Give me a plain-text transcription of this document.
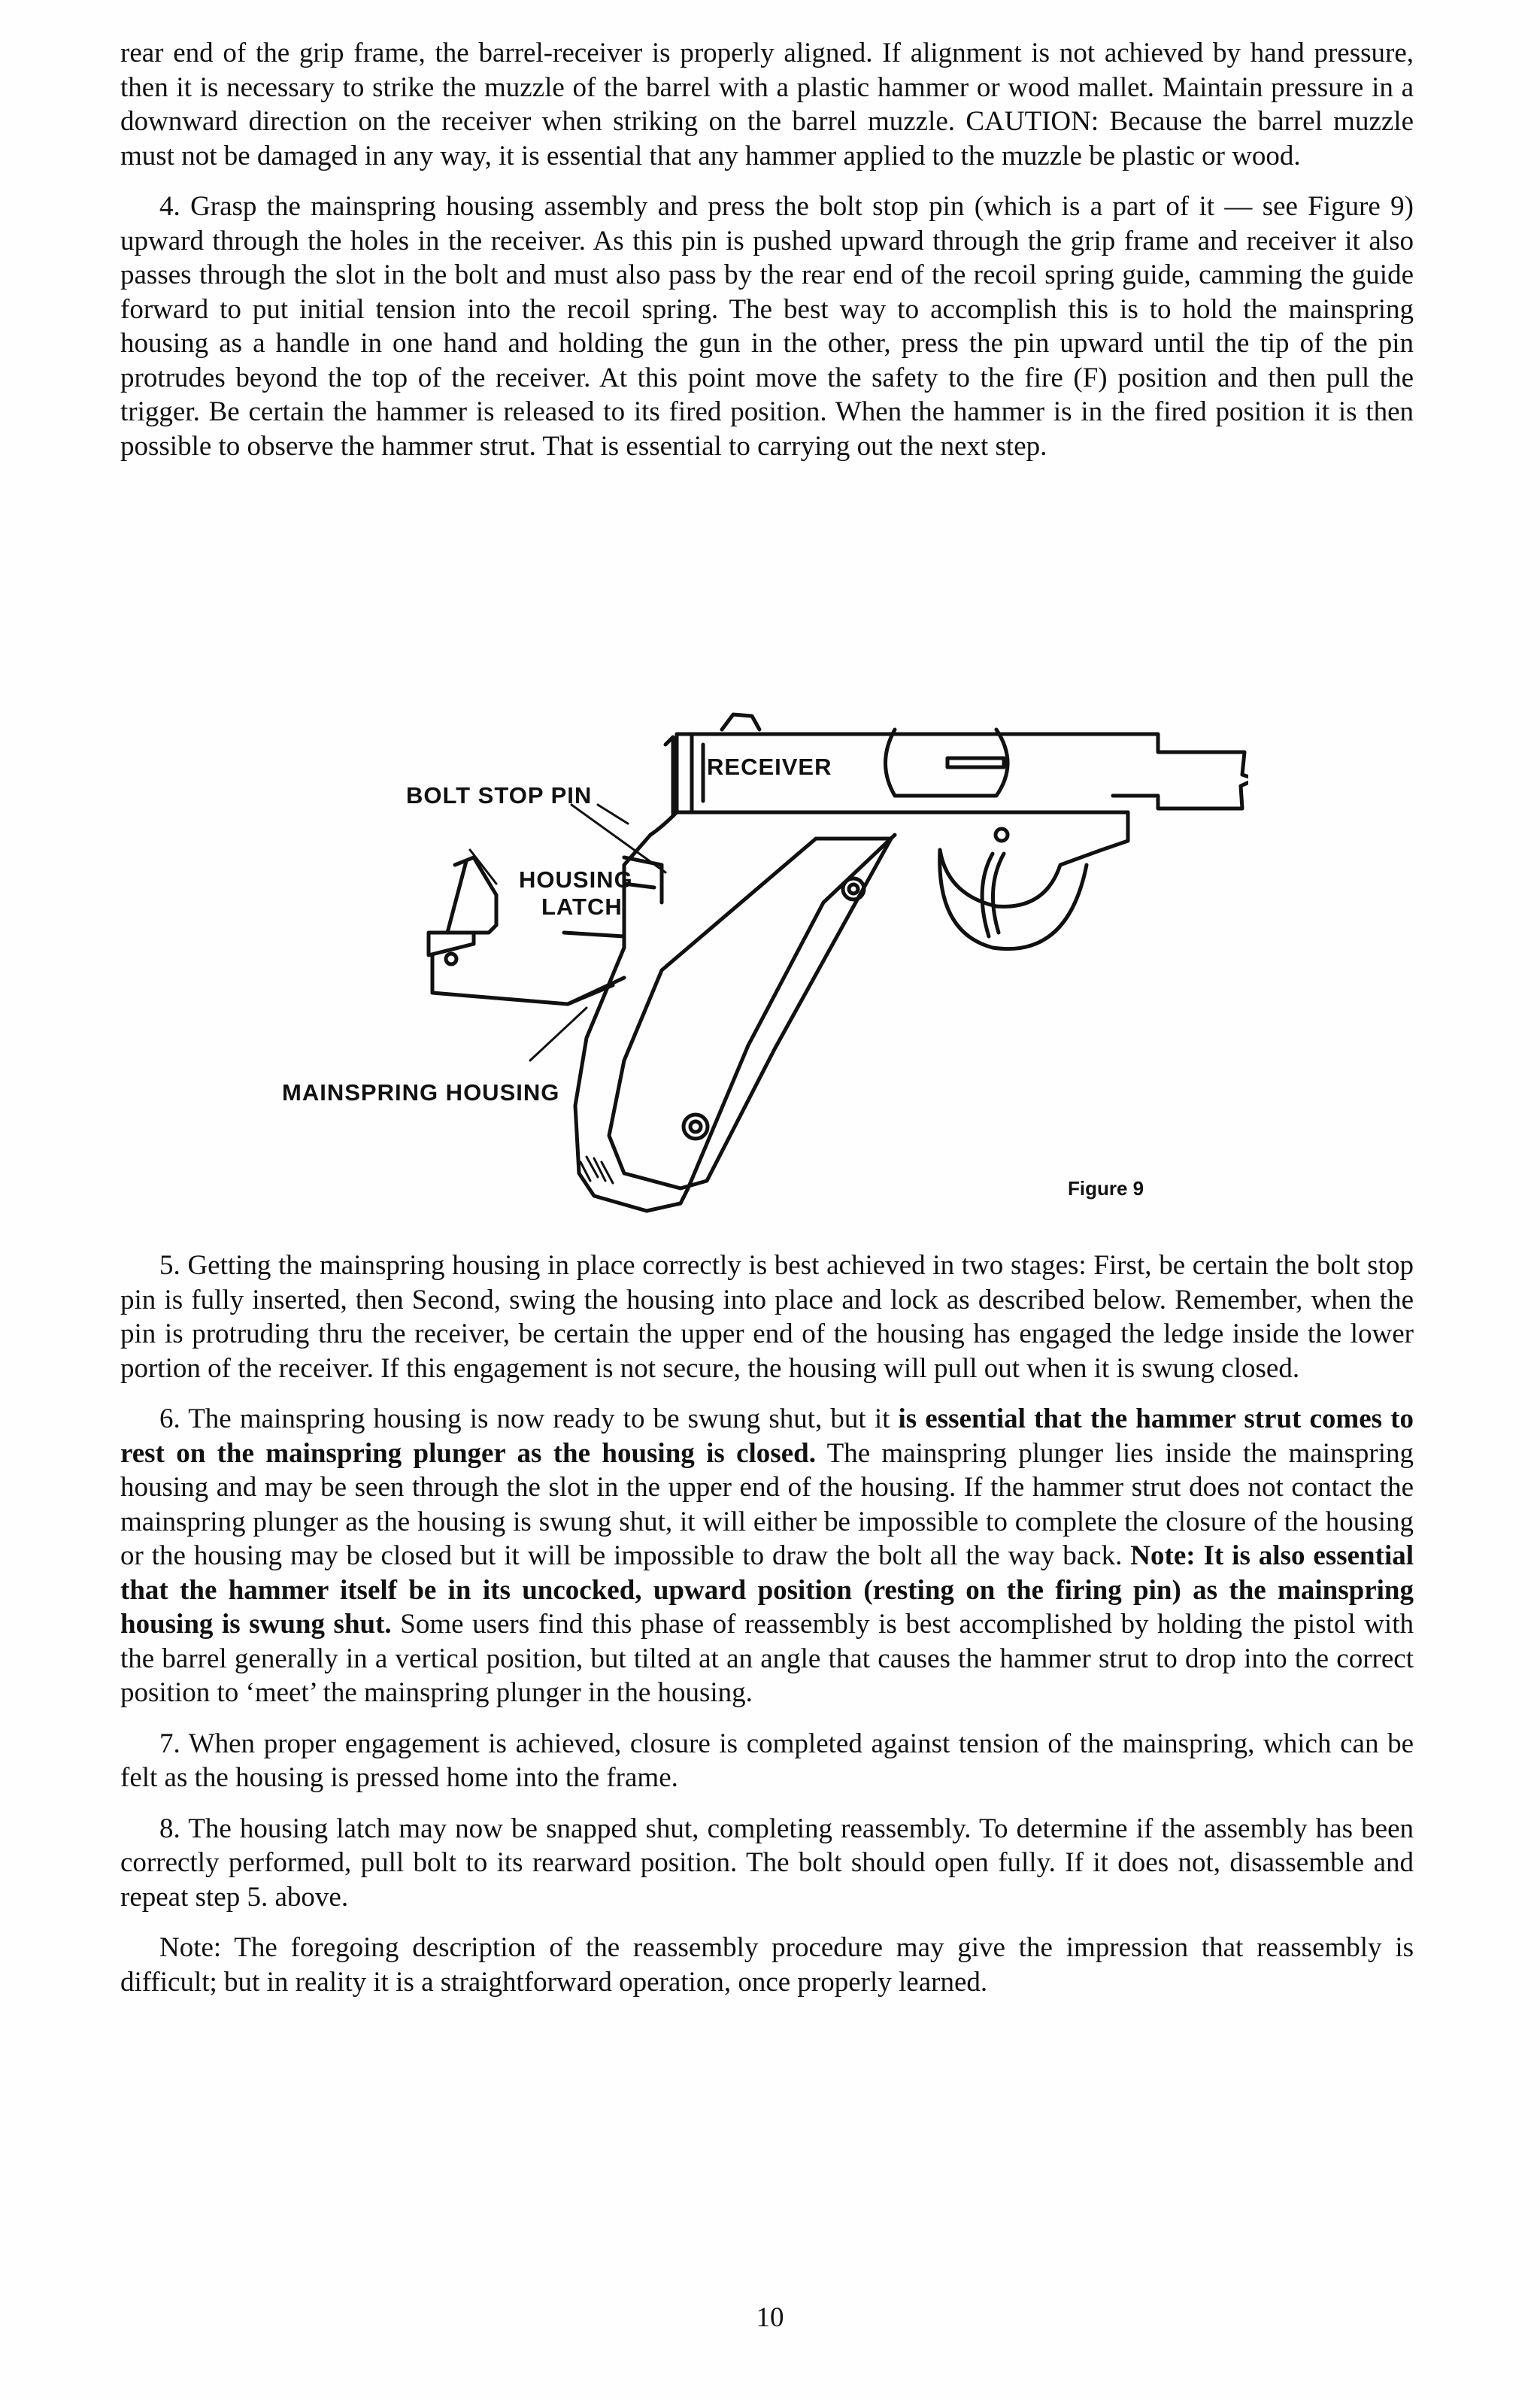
rear end of the grip frame, the barrel-receiver is properly aligned. If alignment is not achieved by hand pressure, then it is necessary to strike the muzzle of the barrel with a plastic hammer or wood mallet. Maintain pressure in a downward direction on the receiver when striking on the barrel muzzle. CAUTION: Because the barrel muzzle must not be damaged in any way, it is essential that any hammer applied to the muzzle be plastic or wood.

4. Grasp the mainspring housing assembly and press the bolt stop pin (which is a part of it — see Figure 9) upward through the holes in the receiver. As this pin is pushed upward through the grip frame and receiver it also passes through the slot in the bolt and must also pass by the rear end of the recoil spring guide, camming the guide forward to put initial tension into the recoil spring. The best way to accomplish this is to hold the mainspring housing as a handle in one hand and holding the gun in the other, press the pin upward until the tip of the pin protrudes beyond the top of the receiver. At this point move the safety to the fire (F) position and then pull the trigger. Be certain the hammer is released to its fired position. When the hammer is in the fired position it is then possible to observe the hammer strut. That is essential to carrying out the next step.

RECEIVER
BOLT STOP PIN
HOUSING
LATCH
MAINSPRING HOUSING
Figure 9

5. Getting the mainspring housing in place correctly is best achieved in two stages: First, be certain the bolt stop pin is fully inserted, then Second, swing the housing into place and lock as described below. Remember, when the pin is protruding thru the receiver, be certain the upper end of the housing has engaged the ledge inside the lower portion of the receiver. If this engagement is not secure, the housing will pull out when it is swung closed.

6. The mainspring housing is now ready to be swung shut, but it is essential that the hammer strut comes to rest on the mainspring plunger as the housing is closed. The mainspring plunger lies inside the mainspring housing and may be seen through the slot in the upper end of the housing. If the hammer strut does not contact the mainspring plunger as the housing is swung shut, it will either be impossible to complete the closure of the housing or the housing may be closed but it will be impossible to draw the bolt all the way back. Note: It is also essential that the hammer itself be in its uncocked, upward position (resting on the firing pin) as the mainspring housing is swung shut. Some users find this phase of reassembly is best accomplished by holding the pistol with the barrel generally in a vertical position, but tilted at an angle that causes the hammer strut to drop into the correct position to ‘meet’ the mainspring plunger in the housing.

7. When proper engagement is achieved, closure is completed against tension of the mainspring, which can be felt as the housing is pressed home into the frame.

8. The housing latch may now be snapped shut, completing reassembly. To determine if the assembly has been correctly performed, pull bolt to its rearward position. The bolt should open fully. If it does not, disassemble and repeat step 5. above.

Note: The foregoing description of the reassembly procedure may give the impression that reassembly is difficult; but in reality it is a straightforward operation, once properly learned.

10
